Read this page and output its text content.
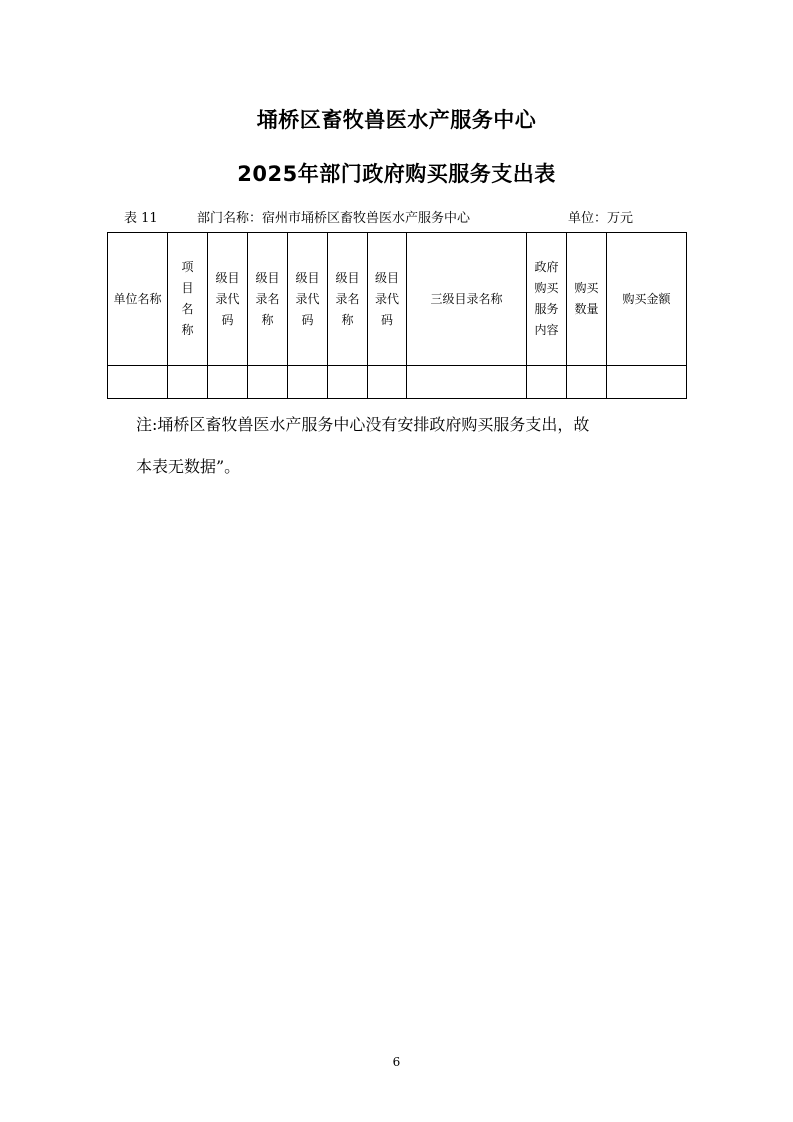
埇桥区畜牧兽医水产服务中心
2025年部门政府购买服务支出表
表 11	部门名称：宿州市埇桥区畜牧兽医水产服务中心	单位：万元
单位名称	项目名称	级目录代码	级目录名称	级目录代码	级目录名称	级目录代码	三级目录名称	政府购买服务内容	购买数量	购买金额

注:埇桥区畜牧兽医水产服务中心没有安排政府购买服务支出，故

本表无数据”。

6
